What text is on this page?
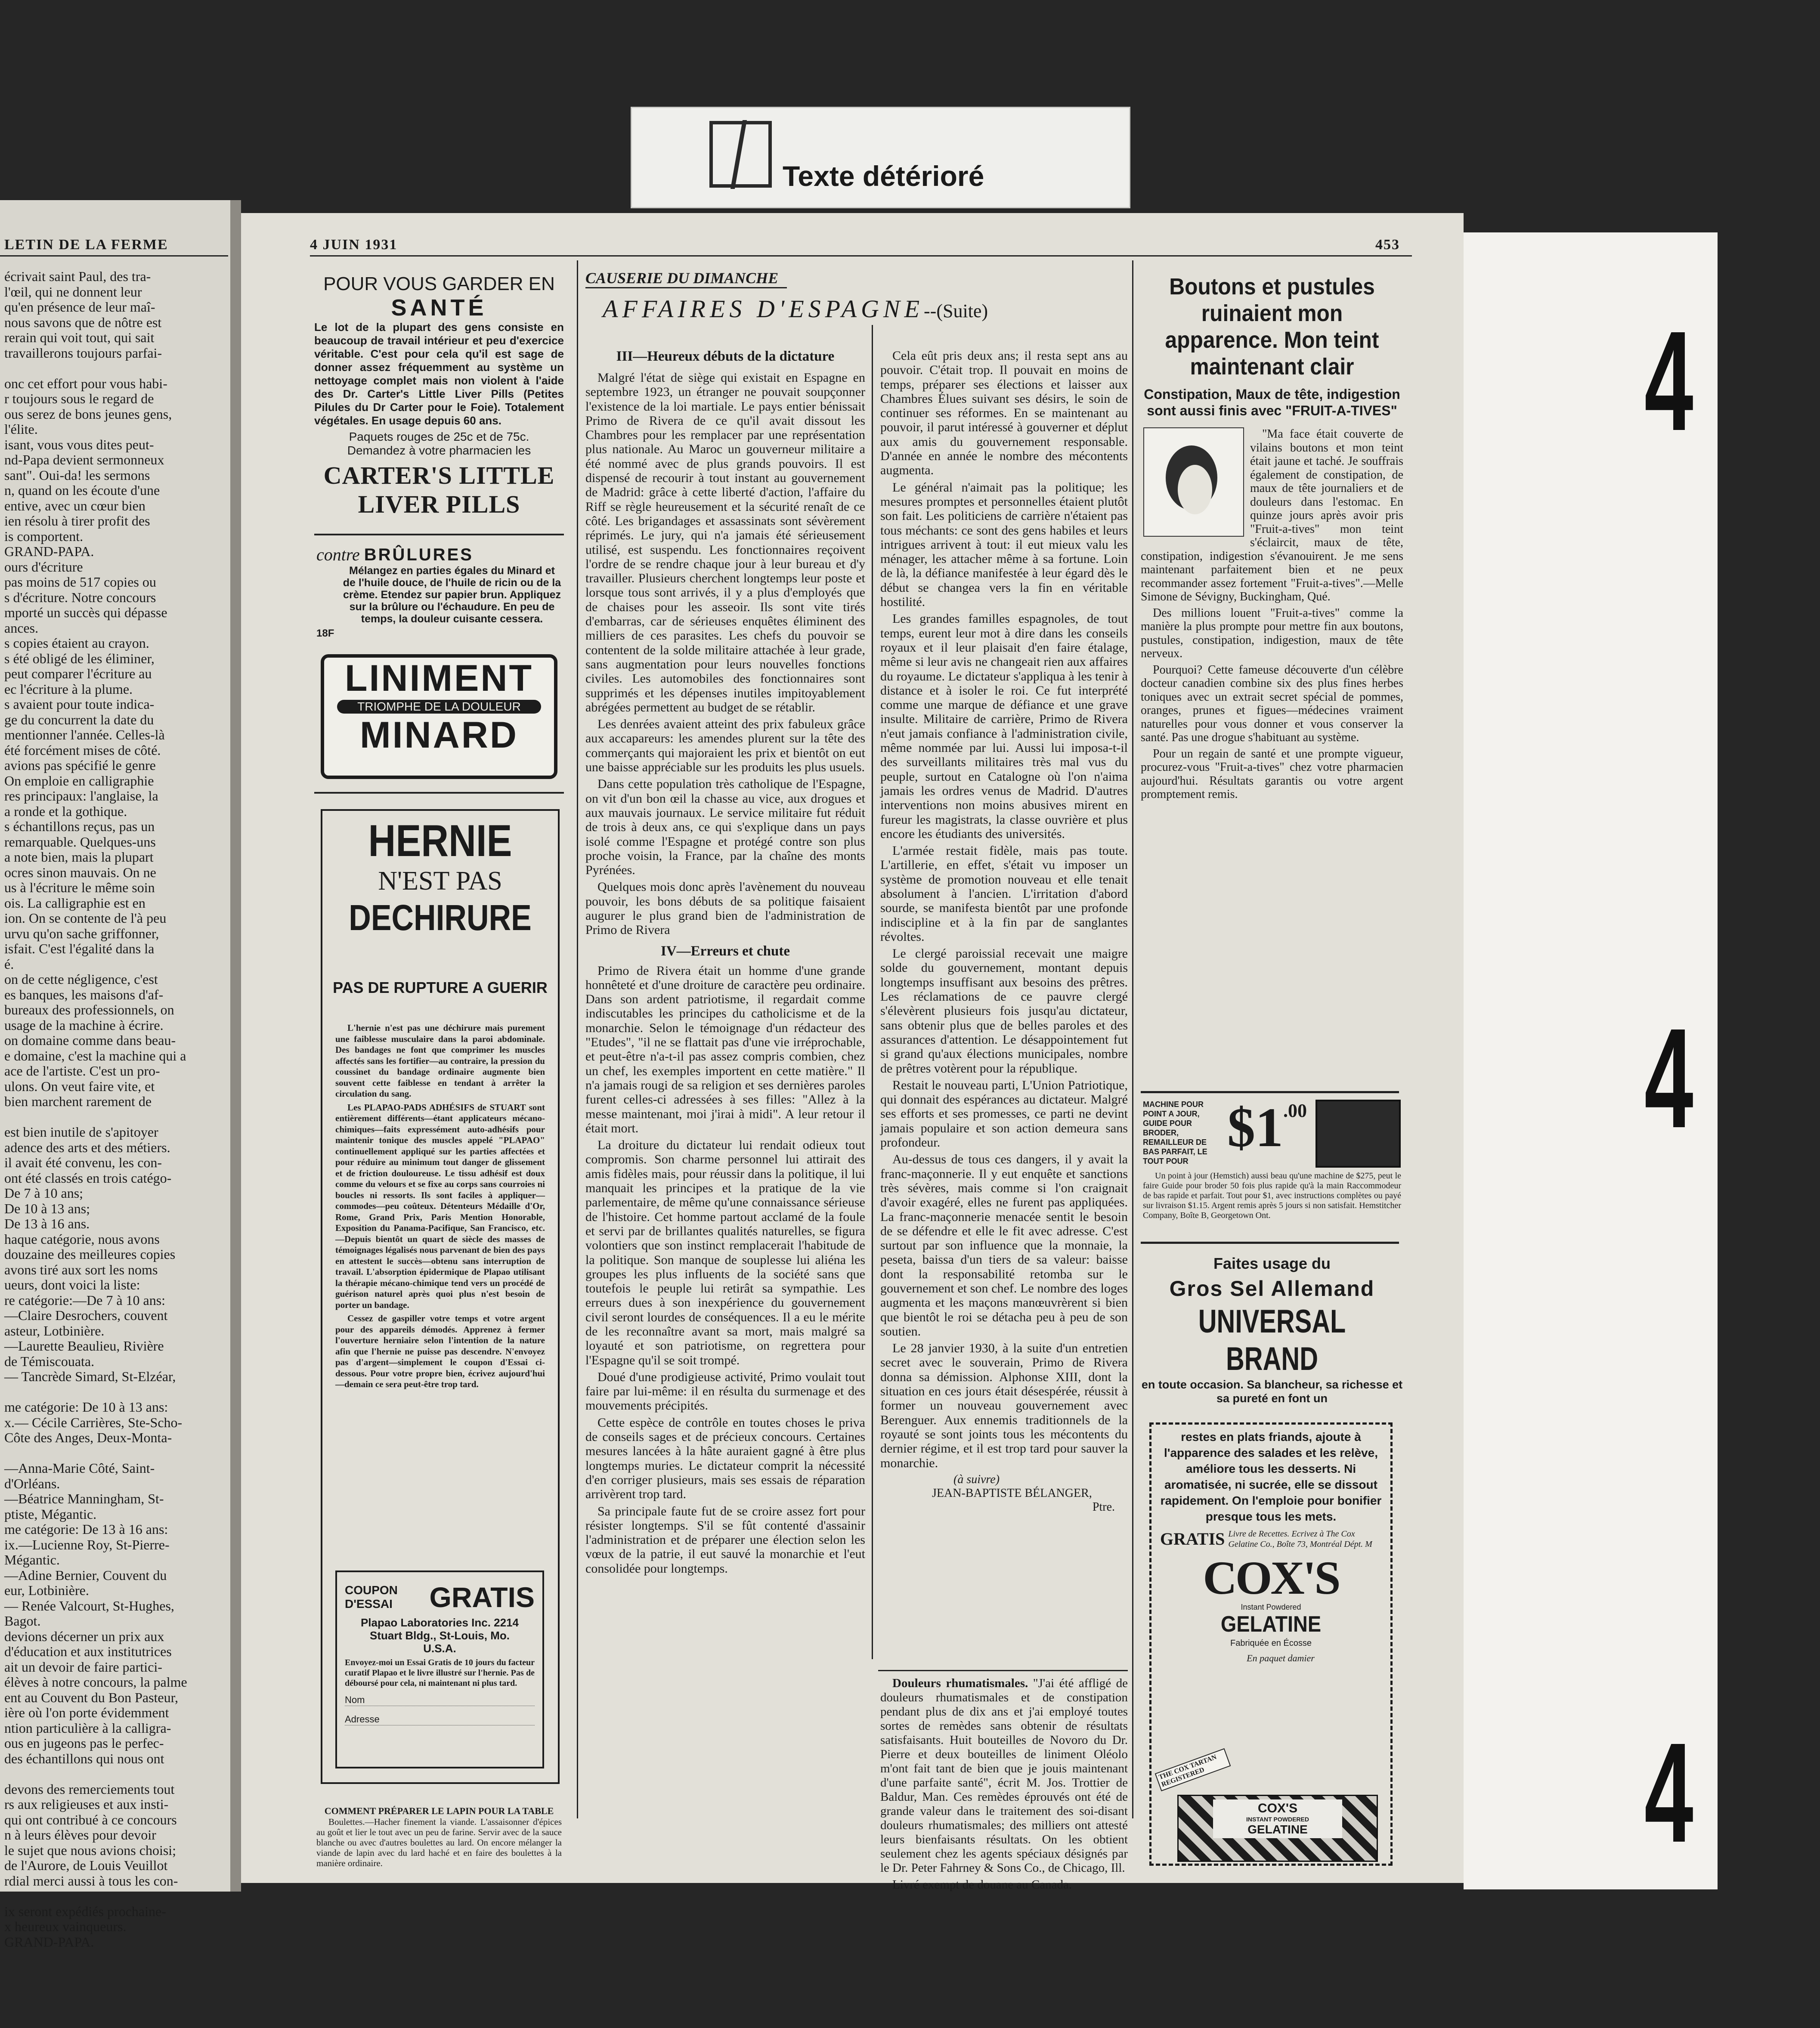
LETIN DE LA FERME
écrivait saint Paul, des tra-
l'œil, qui ne donnent leur
qu'en présence de leur maî-
nous savons que de nôtre est
rerain qui voit tout, qui sait
travaillerons toujours parfai-
onc cet effort pour vous habi-
r toujours sous le regard de
ous serez de bons jeunes gens,
l'élite.
isant, vous vous dites peut-
nd-Papa devient sermonneux
sant". Oui-da! les sermons
n, quand on les écoute d'une
entive, avec un cœur bien
ien résolu à tirer profit des
is comportent.
GRAND-PAPA.
ours d'écriture
pas moins de 517 copies ou
s d'écriture. Notre concours
mporté un succès qui dépasse
ances.
s copies étaient au crayon.
s été obligé de les éliminer,
peut comparer l'écriture au
ec l'écriture à la plume.
s avaient pour toute indica-
ge du concurrent la date du
mentionner l'année. Celles-là
été forcément mises de côté.
avions pas spécifié le genre
On emploie en calligraphie
res principaux: l'anglaise, la
a ronde et la gothique.
s échantillons reçus, pas un
remarquable. Quelques-uns
a note bien, mais la plupart
ocres sinon mauvais. On ne
us à l'écriture le même soin
ois. La calligraphie est en
ion. On se contente de l'à peu
urvu qu'on sache griffonner,
isfait. C'est l'égalité dans la
é.
on de cette négligence, c'est
es banques, les maisons d'af-
bureaux des professionnels, on
usage de la machine à écrire.
on domaine comme dans beau-
e domaine, c'est la machine qui a
ace de l'artiste. C'est un pro-
ulons. On veut faire vite, et
bien marchent rarement de
est bien inutile de s'apitoyer
adence des arts et des métiers.
il avait été convenu, les con-
ont été classés en trois catégo-
De 7 à 10 ans;
De 10 à 13 ans;
De 13 à 16 ans.
haque catégorie, nous avons
douzaine des meilleures copies
avons tiré aux sort les noms
ueurs, dont voici la liste:
re catégorie:—De 7 à 10 ans:
—Claire Desrochers, couvent
asteur, Lotbinière.
—Laurette Beaulieu, Rivière
de Témiscouata.
— Tancrède Simard, St-Elzéar,
me catégorie: De 10 à 13 ans:
x.— Cécile Carrières, Ste-Scho-
Côte des Anges, Deux-Monta-
—Anna-Marie Côté, Saint-
d'Orléans.
—Béatrice Manningham, St-
ptiste, Mégantic.
me catégorie: De 13 à 16 ans:
ix.—Lucienne Roy, St-Pierre-
Mégantic.
—Adine Bernier, Couvent du
eur, Lotbinière.
— Renée Valcourt, St-Hughes,
Bagot.
devions décerner un prix aux
d'éducation et aux institutrices
ait un devoir de faire partici-
élèves à notre concours, la palme
ent au Couvent du Bon Pasteur,
ière où l'on porte évidemment
ntion particulière à la calligra-
ous en jugeons pas le perfec-
des échantillons qui nous ont
devons des remerciements tout
rs aux religieuses et aux insti-
qui ont contribué à ce concours
n à leurs élèves pour devoir
le sujet que nous avions choisi;
de l'Aurore, de Louis Veuillot
rdial merci aussi à tous les con-
ix seront expédiés prochaine-
x heureux vainqueurs.
GRAND-PAPA.
4
4
4
Texte détérioré
4 JUIN 1931	453
POUR VOUS GARDER EN
SANTÉ

Le lot de la plupart des gens consiste en beaucoup de travail intérieur et peu d'exercice véritable. C'est pour cela qu'il est sage de donner assez fréquemment au système un nettoyage complet mais non violent à l'aide des Dr. Carter's Little Liver Pills (Petites Pilules du Dr Carter pour le Foie). Totalement végétales. En usage depuis 60 ans.

Paquets rouges de 25c et de 75c.
Demandez à votre pharmacien les
CARTER'S LITTLE LIVER PILLS
contre BRÛLURES

Mélangez en parties égales du Minard et de l'huile douce, de l'huile de ricin ou de la crème. Etendez sur papier brun. Appliquez sur la brûlure ou l'échaudure. En peu de temps, la douleur cuisante cessera.

18F
LINIMENT
TRIOMPHE DE LA DOULEUR
MINARD
HERNIE
N'EST PAS
DECHIRURE
PAS DE RUPTURE A GUERIR

L'hernie n'est pas une déchirure mais purement une faiblesse musculaire dans la paroi abdominale. Des bandages ne font que comprimer les muscles affectés sans les fortifier—au contraire, la pression du coussinet du bandage ordinaire augmente bien souvent cette faiblesse en tendant à arrêter la circulation du sang.

Les PLAPAO-PADS ADHÉSIFS de STUART sont entièrement différents—étant applicateurs mécano-chimiques—faits expressément auto-adhésifs pour maintenir tonique des muscles appelé "PLAPAO" continuellement appliqué sur les parties affectées et pour réduire au minimum tout danger de glissement et de friction douloureuse. Le tissu adhésif est doux comme du velours et se fixe au corps sans courroies ni boucles ni ressorts. Ils sont faciles à appliquer—commodes—peu coûteux. Détenteurs Médaille d'Or, Rome, Grand Prix, Paris Mention Honorable, Exposition du Panama-Pacifique, San Francisco, etc.—Depuis bientôt un quart de siècle des masses de témoignages légalisés nous parvenant de bien des pays en attestent le succès—obtenu sans interruption de travail. L'absorption épidermique de Plapao utilisant la thérapie mécano-chimique tend vers un procédé de guérison naturel après quoi plus n'est besoin de porter un bandage.

Cessez de gaspiller votre temps et votre argent pour des appareils démodés. Apprenez à fermer l'ouverture herniaire selon l'intention de la nature afin que l'hernie ne puisse pas descendre. N'envoyez pas d'argent—simplement le coupon d'Essai ci-dessous. Pour votre propre bien, écrivez aujourd'hui—demain ce sera peut-être trop tard.

COUPON D'ESSAI	GRATIS
Plapao Laboratories Inc. 2214 Stuart Bldg., St-Louis, Mo. U.S.A.

Envoyez-moi un Essai Gratis de 10 jours du facteur curatif Plapao et le livre illustré sur l'hernie. Pas de déboursé pour cela, ni maintenant ni plus tard.

Nom
Adresse
COMMENT PRÉPARER LE LAPIN POUR LA TABLE

Boulettes.—Hacher finement la viande. L'assaisonner d'épices au goût et lier le tout avec un peu de farine. Servir avec de la sauce blanche ou avec d'autres boulettes au lard. On encore mélanger la viande de lapin avec du lard haché et en faire des boulettes à la manière ordinaire.

CAUSERIE DU DIMANCHE
AFFAIRES D'ESPAGNE--(Suite)
III—Heureux débuts de la dictature

Malgré l'état de siège qui existait en Espagne en septembre 1923, un étranger ne pouvait soupçonner l'existence de la loi martiale. Le pays entier bénissait Primo de Rivera de ce qu'il avait dissout les Chambres pour les remplacer par une représentation plus nationale. Au Maroc un gouverneur militaire a été nommé avec de plus grands pouvoirs. Il est dispensé de recourir à tout instant au gouvernement de Madrid: grâce à cette liberté d'action, l'affaire du Riff se règle heureusement et la sécurité renaît de ce côté. Les brigandages et assassinats sont sévèrement réprimés. Le jury, qui n'a jamais été sérieusement utilisé, est suspendu. Les fonctionnaires reçoivent l'ordre de se rendre chaque jour à leur bureau et d'y travailler. Plusieurs cherchent longtemps leur poste et lorsque tous sont arrivés, il y a plus d'employés que de chaises pour les asseoir. Ils sont vite tirés d'embarras, car de sérieuses enquêtes éliminent des milliers de ces parasites. Les chefs du pouvoir se contentent de la solde militaire attachée à leur grade, sans augmentation pour leurs nouvelles fonctions civiles. Les automobiles des fonctionnaires sont supprimés et les dépenses inutiles impitoyablement abrégées permettent au budget de se rétablir.

Les denrées avaient atteint des prix fabuleux grâce aux accapareurs: les amendes plurent sur la tête des commerçants qui majoraient les prix et bientôt on eut une baisse appréciable sur les produits les plus usuels.

Dans cette population très catholique de l'Espagne, on vit d'un bon œil la chasse au vice, aux drogues et aux mauvais journaux. Le service militaire fut réduit de trois à deux ans, ce qui s'explique dans un pays isolé comme l'Espagne et protégé contre son plus proche voisin, la France, par la chaîne des monts Pyrénées.

Quelques mois donc après l'avènement du nouveau pouvoir, les bons débuts de sa politique faisaient augurer le plus grand bien de l'administration de Primo de Rivera

IV—Erreurs et chute

Primo de Rivera était un homme d'une grande honnêteté et d'une droiture de caractère peu ordinaire. Dans son ardent patriotisme, il regardait comme indiscutables les principes du catholicisme et de la monarchie. Selon le témoignage d'un rédacteur des "Etudes", "il ne se flattait pas d'une vie irréprochable, et peut-être n'a-t-il pas assez compris combien, chez un chef, les exemples importent en cette matière." Il n'a jamais rougi de sa religion et ses dernières paroles furent celles-ci adressées à ses filles: "Allez à la messe maintenant, moi j'irai à midi". A leur retour il était mort.

La droiture du dictateur lui rendait odieux tout compromis. Son charme personnel lui attirait des amis fidèles mais, pour réussir dans la politique, il lui manquait les principes et la pratique de la vie parlementaire, de même qu'une connaissance sérieuse de l'histoire. Cet homme partout acclamé de la foule et servi par de brillantes qualités naturelles, se figura volontiers que son instinct remplacerait l'habitude de la politique. Son manque de souplesse lui aliéna les groupes les plus influents de la société sans que toutefois le peuple lui retirât sa sympathie. Les erreurs dues à son inexpérience du gouvernement civil seront lourdes de conséquences. Il a eu le mérite de les reconnaître avant sa mort, mais malgré sa loyauté et son patriotisme, on regrettera pour l'Espagne qu'il se soit trompé.

Doué d'une prodigieuse activité, Primo voulait tout faire par lui-même: il en résulta du surmenage et des mouvements précipités.

Cette espèce de contrôle en toutes choses le priva de conseils sages et de précieux concours. Certaines mesures lancées à la hâte auraient gagné à être plus longtemps muries. Le dictateur comprit la nécessité d'en corriger plusieurs, mais ses essais de réparation arrivèrent trop tard.

Sa principale faute fut de se croire assez fort pour résister longtemps. S'il se fût contenté d'assainir l'administration et de préparer une élection selon les vœux de la patrie, il eut sauvé la monarchie et l'eut consolidée pour longtemps.

Cela eût pris deux ans; il resta sept ans au pouvoir. C'était trop. Il pouvait en moins de temps, préparer ses élections et laisser aux Chambres Élues suivant ses désirs, le soin de continuer ses réformes. En se maintenant au pouvoir, il parut intéressé à gouverner et déplut aux amis du gouvernement responsable. D'année en année le nombre des mécontents augmenta.

Le général n'aimait pas la politique; les mesures promptes et personnelles étaient plutôt son fait. Les politiciens de carrière n'étaient pas tous méchants: ce sont des gens habiles et leurs intrigues arrivent à tout: il eut mieux valu les ménager, les attacher même à sa fortune. Loin de là, la défiance manifestée à leur égard dès le début se changea vers la fin en véritable hostilité.

Les grandes familles espagnoles, de tout temps, eurent leur mot à dire dans les conseils royaux et il leur plaisait d'en faire étalage, même si leur avis ne changeait rien aux affaires du royaume. Le dictateur s'appliqua à les tenir à distance et à isoler le roi. Ce fut interprété comme une marque de défiance et une grave insulte. Militaire de carrière, Primo de Rivera n'eut jamais confiance à l'administration civile, même nommée par lui. Aussi lui imposa-t-il des surveillants militaires très mal vus du peuple, surtout en Catalogne où l'on n'aima jamais les ordres venus de Madrid. D'autres interventions non moins abusives mirent en fureur les magistrats, la classe ouvrière et plus encore les étudiants des universités.

L'armée restait fidèle, mais pas toute. L'artillerie, en effet, s'était vu imposer un système de promotion nouveau et elle tenait absolument à l'ancien. L'irritation d'abord sourde, se manifesta bientôt par une profonde indiscipline et à la fin par de sanglantes révoltes.

Le clergé paroissial recevait une maigre solde du gouvernement, montant depuis longtemps insuffisant aux besoins des prêtres. Les réclamations de ce pauvre clergé s'élevèrent plusieurs fois jusqu'au dictateur, sans obtenir plus que de belles paroles et des assurances d'attention. Le désappointement fut si grand qu'aux élections municipales, nombre de prêtres votèrent pour la république.

Restait le nouveau parti, L'Union Patriotique, qui donnait des espérances au dictateur. Malgré ses efforts et ses promesses, ce parti ne devint jamais populaire et son action demeura sans profondeur.

Au-dessus de tous ces dangers, il y avait la franc-maçonnerie. Il y eut enquête et sanctions très sévères, mais comme si l'on craignait d'avoir exagéré, elles ne furent pas appliquées. La franc-maçonnerie menacée sentit le besoin de se défendre et elle le fit avec adresse. C'est surtout par son influence que la monnaie, la peseta, baissa d'un tiers de sa valeur: baisse dont la responsabilité retomba sur le gouvernement et son chef. Le nombre des loges augmenta et les maçons manœuvrèrent si bien que bientôt le roi se détacha peu à peu de son soutien.

Le 28 janvier 1930, à la suite d'un entretien secret avec le souverain, Primo de Rivera donna sa démission. Alphonse XIII, dont la situation en ces jours était désespérée, réussit à former un nouveau gouvernement avec Berenguer. Aux ennemis traditionnels de la royauté se sont joints tous les mécontents du dernier régime, et il est trop tard pour sauver la monarchie.

(à suivre)
JEAN-BAPTISTE BÉLANGER,
Ptre.

Douleurs rhumatismales. "J'ai été affligé de douleurs rhumatismales et de constipation pendant plus de dix ans et j'ai employé toutes sortes de remèdes sans obtenir de résultats satisfaisants. Huit bouteilles de Novoro du Dr. Pierre et deux bouteilles de liniment Oléolo m'ont fait tant de bien que je jouis maintenant d'une parfaite santé", écrit M. Jos. Trottier de Baldur, Man. Ces remèdes éprouvés ont été de grande valeur dans le traitement des soi-disant douleurs rhumatismales; des milliers ont attesté leurs bienfaisants résultats. On les obtient seulement chez les agents spéciaux désignés par le Dr. Peter Fahrney & Sons Co., de Chicago, Ill.

Livré exempt de douane au Canada.

Boutons et pustules ruinaient mon apparence. Mon teint maintenant clair
Constipation, Maux de tête, indigestion sont aussi finis avec "FRUIT-A-TIVES"

"Ma face était couverte de vilains boutons et mon teint était jaune et taché. Je souffrais également de constipation, de maux de tête journaliers et de douleurs dans l'estomac. En quinze jours après avoir pris "Fruit-a-tives" mon teint s'éclaircit, maux de tête, constipation, indigestion s'évanouirent. Je me sens maintenant parfaitement bien et ne peux recommander assez fortement "Fruit-a-tives".—Melle Simone de Sévigny, Buckingham, Qué.

Des millions louent "Fruit-a-tives" comme la manière la plus prompte pour mettre fin aux boutons, pustules, constipation, indigestion, maux de tête nerveux.

Pourquoi? Cette fameuse découverte d'un célèbre docteur canadien combine six des plus fines herbes toniques avec un extrait secret spécial de pommes, oranges, prunes et figues—médecines vraiment naturelles pour vous donner et vous conserver la santé. Pas une drogue s'habituant au système.

Pour un regain de santé et une prompte vigueur, procurez-vous "Fruit-a-tives" chez votre pharmacien aujourd'hui. Résultats garantis ou votre argent promptement remis.

MACHINE POUR POINT A JOUR, GUIDE POUR BRODER, REMAILLEUR DE BAS PARFAIT, LE TOUT POUR
$1 .00

Un point à jour (Hemstich) aussi beau qu'une machine de $275, peut le faire Guide pour broder 50 fois plus rapide qu'à la main Raccommodeur de bas rapide et parfait. Tout pour $1, avec instructions complètes ou payé sur livraison $1.15. Argent remis après 5 jours si non satisfait. Hemstitcher Company, Boîte B, Georgetown Ont.

Faites usage du
Gros Sel Allemand
UNIVERSAL BRAND
en toute occasion. Sa blancheur, sa richesse et sa pureté en font un

restes en plats friands, ajoute à l'apparence des salades et les relève, améliore tous les desserts. Ni aromatisée, ni sucrée, elle se dissout rapidement. On l'emploie pour bonifier presque tous les mets.

GRATIS Livre de Recettes. Ecrivez à The Cox Gelatine Co., Boîte 73, Montréal Dépt. M
COX'S
Instant Powdered
GELATINE
Fabriquée en Écosse
En paquet damier
THE COX TARTAN REGISTERED
COX'S
INSTANT POWDERED
GELATINE
